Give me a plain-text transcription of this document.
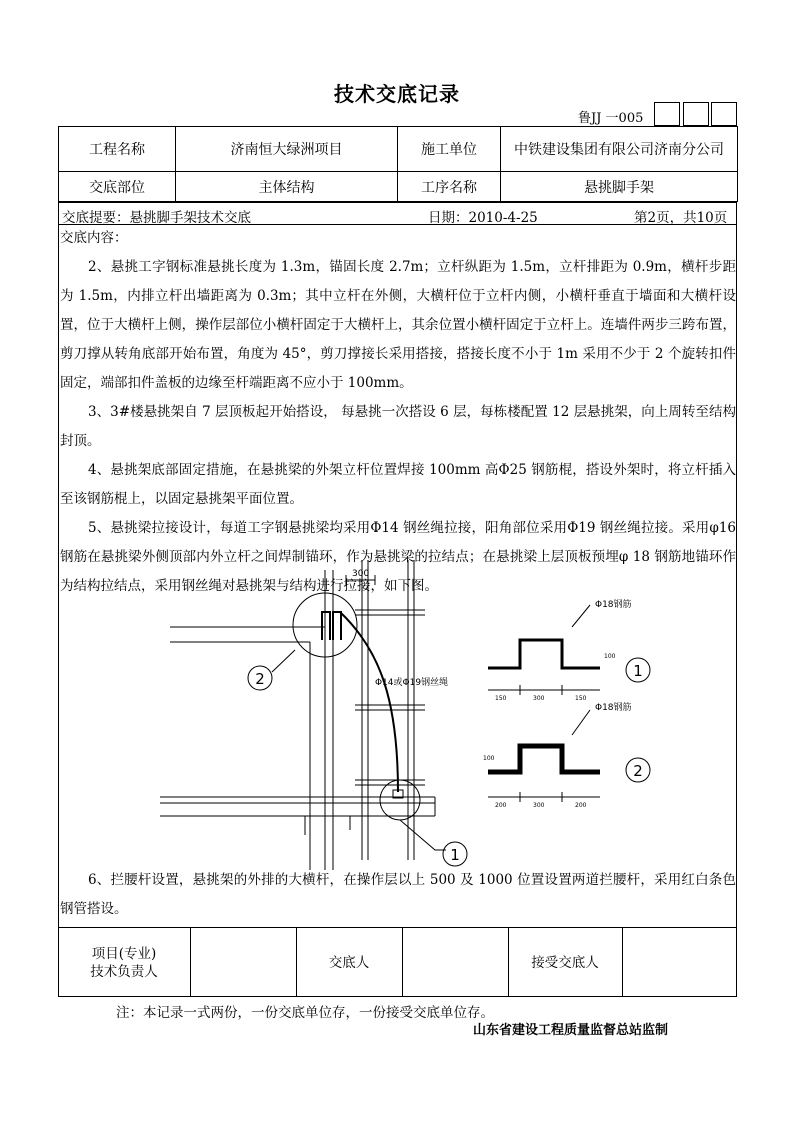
技术交底记录
鲁JJ 一005
工程名称	济南恒大绿洲项目	施工单位	中铁建设集团有限公司济南分公司
交底部位	主体结构	工序名称	悬挑脚手架
交底提要：悬挑脚手架技术交底	日期：2010-4-25	第2页，共10页

交底内容：

2、悬挑工字钢标准悬挑长度为 1.3m，锚固长度 2.7m；立杆纵距为 1.5m，立杆排距为 0.9m，横杆步距为 1.5m，内排立杆出墙距离为 0.3m；其中立杆在外侧，大横杆位于立杆内侧，小横杆垂直于墙面和大横杆设置，位于大横杆上侧，操作层部位小横杆固定于大横杆上，其余位置小横杆固定于立杆上。连墙件两步三跨布置，剪刀撑从转角底部开始布置，角度为 45°，剪刀撑接长采用搭接，搭接长度不小于 1m 采用不少于 2 个旋转扣件固定，端部扣件盖板的边缘至杆端距离不应小于 100mm。

3、3#楼悬挑架自 7 层顶板起开始搭设， 每悬挑一次搭设 6 层，每栋楼配置 12 层悬挑架，向上周转至结构封顶。

4、悬挑架底部固定措施，在悬挑梁的外架立杆位置焊接 100mm 高Φ25 钢筋棍，搭设外架时，将立杆插入至该钢筋棍上，以固定悬挑架平面位置。

5、悬挑梁拉接设计，每道工字钢悬挑梁均采用Φ14 钢丝绳拉接，阳角部位采用Φ19 钢丝绳拉接。采用φ16 钢筋在悬挑梁外侧顶部内外立杆之间焊制锚环，作为悬挑梁的拉结点；在悬挑梁上层顶板预埋φ 18 钢筋地锚环作为结构拉结点，采用钢丝绳对悬挑架与结构进行拉接，如下图。

300
Φ14或Φ19钢丝绳
Φ18钢筋
Φ18钢筋
150	300	150
100
200	300	200
100
2
1
1
2

6、拦腰杆设置，悬挑架的外排的大横杆，在操作层以上 500 及 1000 位置设置两道拦腰杆，采用红白条色钢管搭设。

项目(专业)
技术负责人
交底人	接受交底人
注：本记录一式两份，一份交底单位存，一份接受交底单位存。
山东省建设工程质量监督总站监制
